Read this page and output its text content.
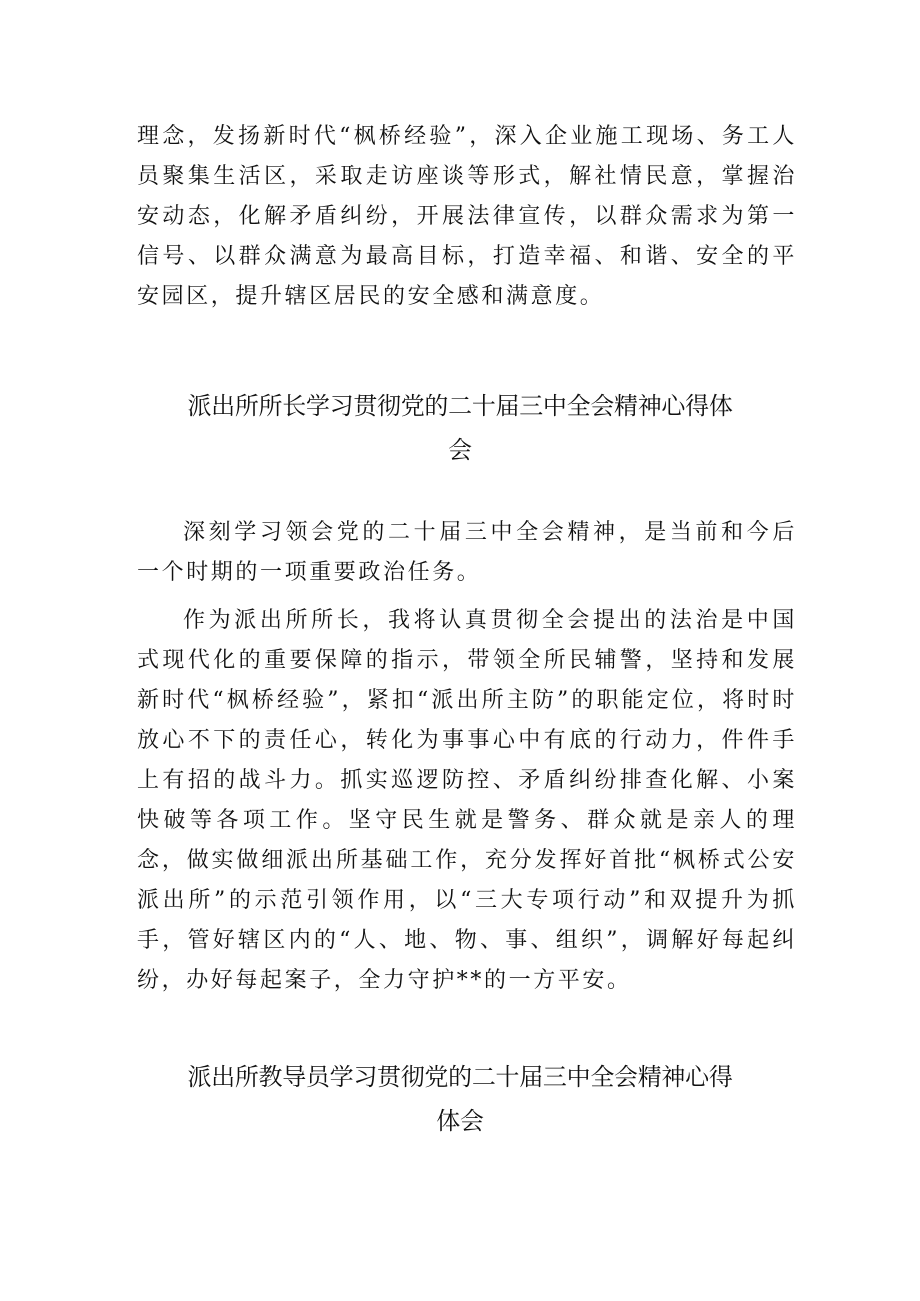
理念，发扬新时代“枫桥经验”，深入企业施工现场、务工人员聚集生活区，采取走访座谈等形式，解社情民意，掌握治安动态，化解矛盾纠纷，开展法律宣传，以群众需求为第一信号、以群众满意为最高目标，打造幸福、和谐、安全的平安园区，提升辖区居民的安全感和满意度。

派出所所长学习贯彻党的二十届三中全会精神心得体
会

深刻学习领会党的二十届三中全会精神，是当前和今后一个时期的一项重要政治任务。

作为派出所所长，我将认真贯彻全会提出的法治是中国式现代化的重要保障的指示，带领全所民辅警，坚持和发展新时代“枫桥经验”，紧扣“派出所主防”的职能定位，将时时放心不下的责任心，转化为事事心中有底的行动力，件件手上有招的战斗力。抓实巡逻防控、矛盾纠纷排查化解、小案快破等各项工作。坚守民生就是警务、群众就是亲人的理念，做实做细派出所基础工作，充分发挥好首批“枫桥式公安派出所”的示范引领作用，以“三大专项行动”和双提升为抓手，管好辖区内的“人、地、物、事、组织”，调解好每起纠纷，办好每起案子，全力守护**的一方平安。

派出所教导员学习贯彻党的二十届三中全会精神心得
体会
